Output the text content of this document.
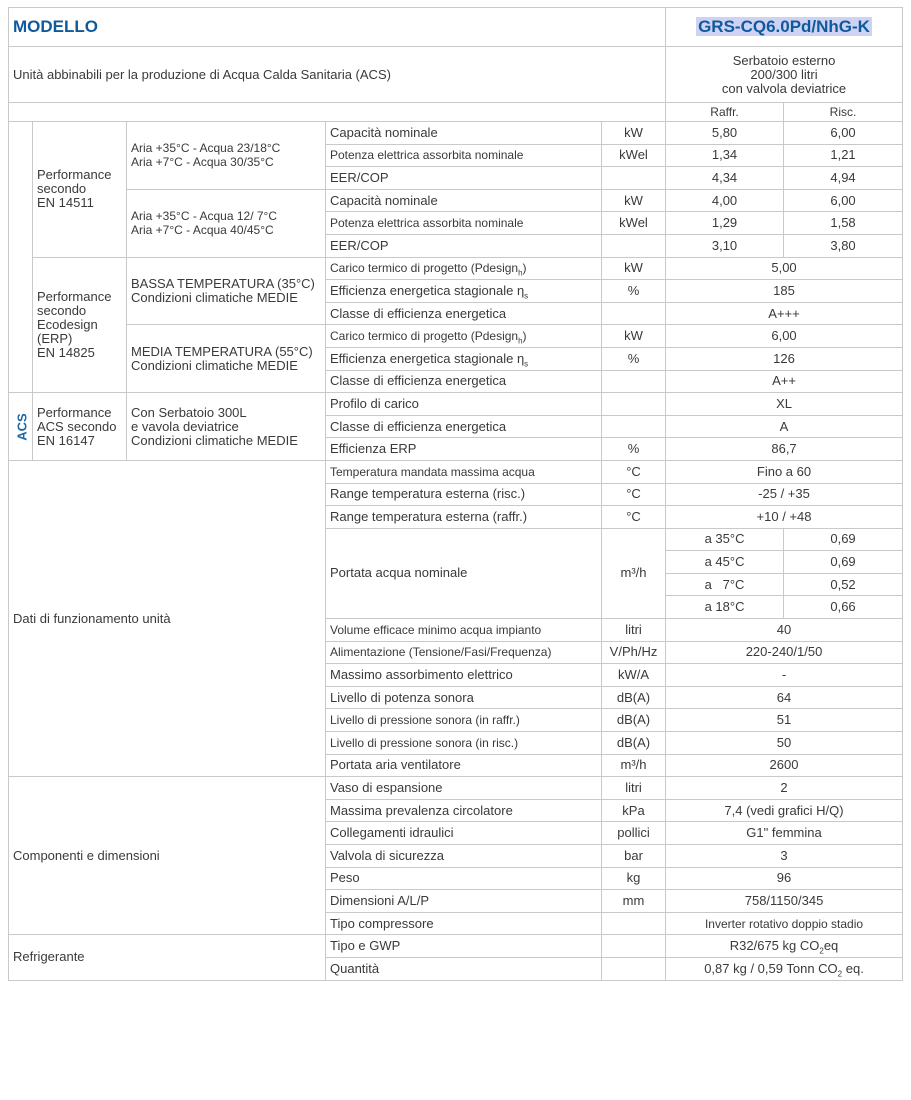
MODELLO					GRS-CQ6.0Pd/NhG-K	
Unità abbinabili per la produzione di Acqua Calda Sanitaria (ACS)					Serbatoio esterno
200/300 litri
con valvola deviatrice	
					Raffr.	Risc.
	Performance
secondo
EN 14511	Aria +35°C - Acqua 23/18°C
Aria +7°C - Acqua 30/35°C	Capacità nominale	kW	5,80	6,00
			Potenza elettrica assorbita nominale	kWel	1,34	1,21
			EER/COP		4,34	4,94
		Aria +35°C - Acqua 12/ 7°C
Aria +7°C - Acqua 40/45°C	Capacità nominale	kW	4,00	6,00
			Potenza elettrica assorbita nominale	kWel	1,29	1,58
			EER/COP		3,10	3,80
	Performance
secondo
Ecodesign
(ERP)
EN 14825	BASSA TEMPERATURA (35°C)
Condizioni climatiche MEDIE	Carico termico di progetto (Pdesign$_h$)	kW	5,00	
			Efficienza energetica stagionale $\eta_s$	%	185	
			Classe di efficienza energetica		A+++	
		MEDIA TEMPERATURA (55°C)
Condizioni climatiche MEDIE	Carico termico di progetto (Pdesign$_h$)	kW	6,00	
			Efficienza energetica stagionale $\eta_s$	%	126	
			Classe di efficienza energetica		A++	
ACS	Performance
ACS secondo
EN 16147	Con Serbatoio 300L
e vavola deviatrice
Condizioni climatiche MEDIE	Profilo di carico		XL	
			Classe di efficienza energetica		A	
			Efficienza ERP	%	86,7	
Dati di funzionamento unità			Temperatura mandata massima acqua	°C	Fino a 60	
			Range temperatura esterna (risc.)	°C	-25 / +35	
			Range temperatura esterna (raffr.)	°C	+10 / +48	
			Portata acqua nominale	m³/h	a 35°C	0,69
					a 45°C	0,69
					a   7°C	0,52
					a 18°C	0,66
			Volume efficace minimo acqua impianto	litri	40	
			Alimentazione (Tensione/Fasi/Frequenza)	V/Ph/Hz	220-240/1/50	
			Massimo assorbimento elettrico	kW/A	-	
			Livello di potenza sonora	dB(A)	64	
			Livello di pressione sonora (in raffr.)	dB(A)	51	
			Livello di pressione sonora (in risc.)	dB(A)	50	
			Portata aria ventilatore	m³/h	2600	
Componenti e dimensioni			Vaso di espansione	litri	2	
			Massima prevalenza circolatore	kPa	7,4 (vedi grafici H/Q)	
			Collegamenti idraulici	pollici	G1" femmina	
			Valvola di sicurezza	bar	3	
			Peso	kg	96	
			Dimensioni A/L/P	mm	758/1150/345	
			Tipo compressore		Inverter rotativo doppio stadio	
Refrigerante			Tipo e GWP		R32/675 kg $CO_2eq$	
			Quantità		0,87 kg / 0,59 Tonn $CO_2$ eq.	
